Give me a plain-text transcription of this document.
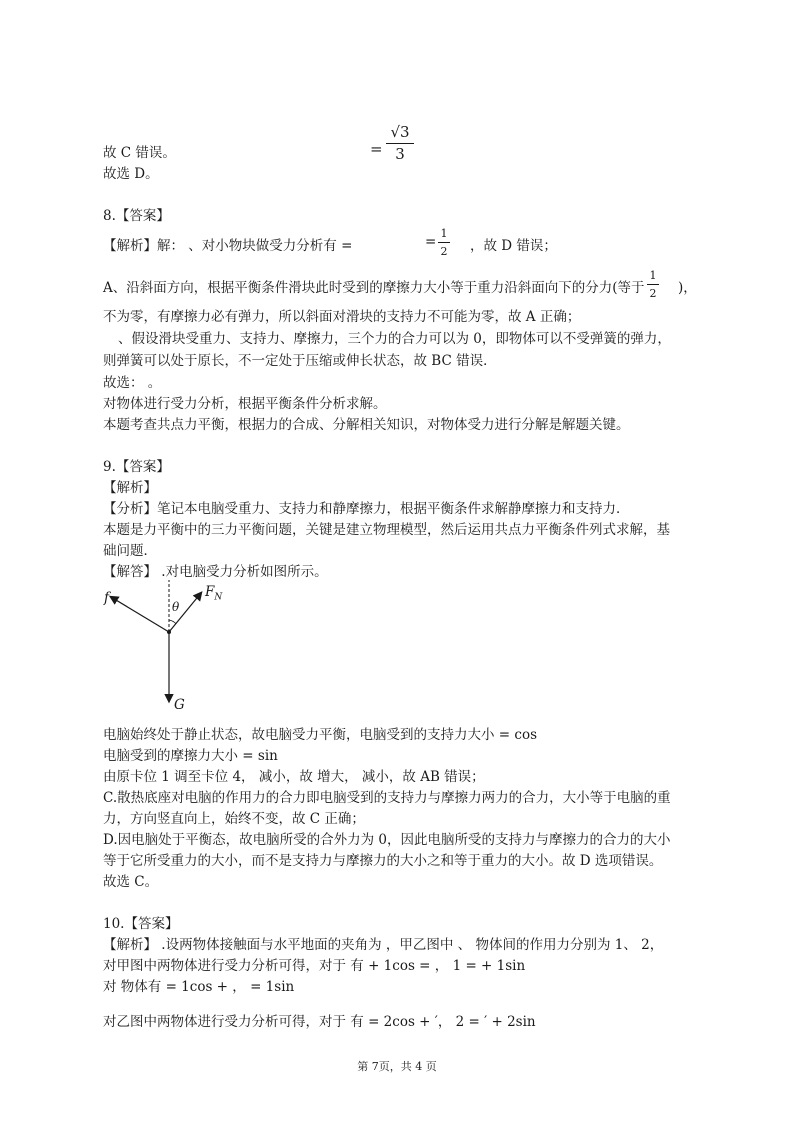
=
√3
3
故 C 错误。
故选 D。
8.【答案】
【解析】解： 、对小物块做受力分析有 =	=
1
2 ，故 D 错误；
A、沿斜面方向，根据平衡条件滑块此时受到的摩擦力大小等于重力沿斜面向下的分力(等于
1
2 )，
不为零，有摩擦力必有弹力，所以斜面对滑块的支持力不可能为零，故 A 正确；
、假设滑块受重力、支持力、摩擦力，三个力的合力可以为 0，即物体可以不受弹簧的弹力，
则弹簧可以处于原长，不一定处于压缩或伸长状态，故 BC 错误．
故选： 。
对物体进行受力分析，根据平衡条件分析求解。
本题考查共点力平衡，根据力的合成、分解相关知识，对物体受力进行分解是解题关键。
9.【答案】
【解析】
【分析】笔记本电脑受重力、支持力和静摩擦力，根据平衡条件求解静摩擦力和支持力．
本题是力平衡中的三力平衡问题，关键是建立物理模型，然后运用共点力平衡条件列式求解，基
础问题．
【解答】 .对电脑受力分析如图所示。
f	$F_N$
θ
G
电脑始终处于静止状态，故电脑受力平衡，电脑受到的支持力大小 = cos
电脑受到的摩擦力大小 = sin
由原卡位 1 调至卡位 4， 减小，故 增大， 减小，故 AB 错误；
C.散热底座对电脑的作用力的合力即电脑受到的支持力与摩擦力两力的合力，大小等于电脑的重
力，方向竖直向上，始终不变，故 C 正确；
D.因电脑处于平衡态，故电脑所受的合外力为 0，因此电脑所受的支持力与摩擦力的合力的大小
等于它所受重力的大小，而不是支持力与摩擦力的大小之和等于重力的大小。故 D 选项错误。
故选 C。
10.【答案】
【解析】 .设两物体接触面与水平地面的夹角为 ，甲乙图中 、 物体间的作用力分别为 1、 2，
对甲图中两物体进行受力分析可得，对于 有 + 1cos = ， 1 = + 1sin
对 物体有 = 1cos + ， = 1sin
对乙图中两物体进行受力分析可得，对于 有 = 2cos + ′， 2 = ′ + 2sin
第 7页，共 4 页
